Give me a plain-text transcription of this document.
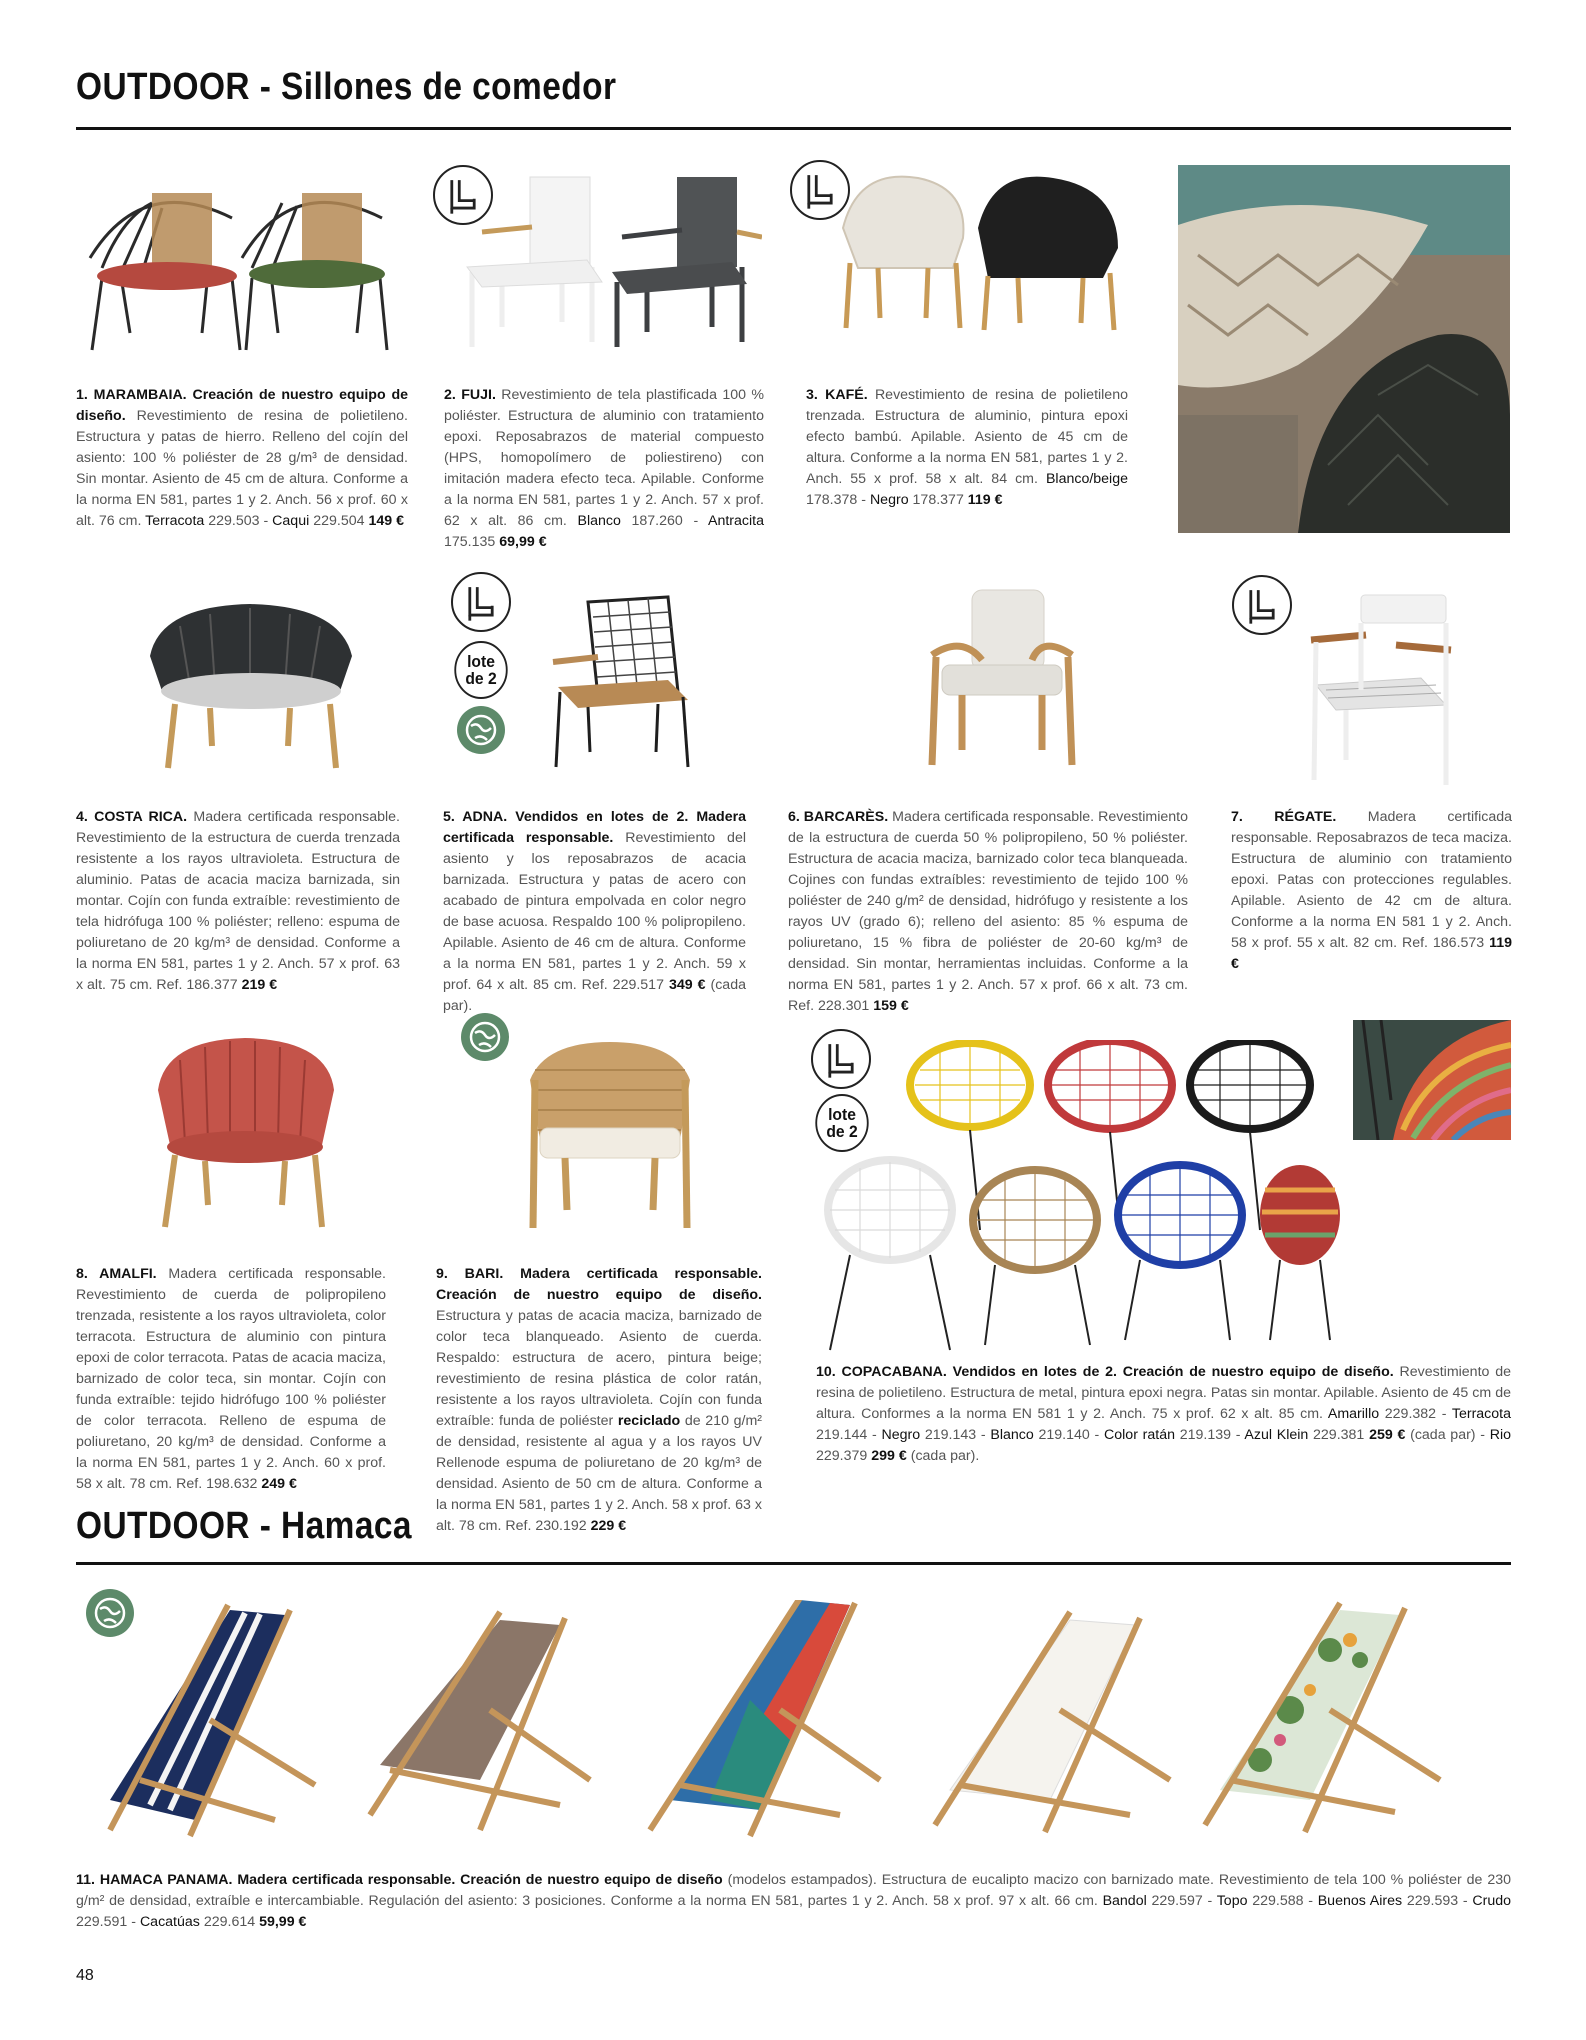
OUTDOOR - Sillones de comedor
1. MARAMBAIA. Creación de nuestro equipo de diseño. Revestimiento de resina de polietileno. Estructura y patas de hierro. Relleno del cojín del asiento: 100 % poliéster de 28 g/m³ de densidad. Sin montar. Asiento de 45 cm de altura. Conforme a la norma EN 581, partes 1 y 2. Anch. 56 x prof. 60 x alt. 76 cm. Terracota 229.503 - Caqui 229.504 149 €
2. FUJI. Revestimiento de tela plastificada 100 % poliéster. Estructura de aluminio con tratamiento epoxi. Reposabrazos de material compuesto (HPS, homopolímero de poliestireno) con imitación madera efecto teca. Apilable. Conforme a la norma EN 581, partes 1 y 2. Anch. 57 x prof. 62 x alt. 86 cm. Blanco 187.260 - Antracita 175.135 69,99 €
3. KAFÉ. Revestimiento de resina de polietileno trenzada. Estructura de aluminio, pintura epoxi efecto bambú. Apilable. Asiento de 45 cm de altura. Conforme a la norma EN 581, partes 1 y 2. Anch. 55 x prof. 58 x alt. 84 cm. Blanco/beige 178.378 - Negro 178.377 119 €
lote de 2
4. COSTA RICA. Madera certificada responsable. Revestimiento de la estructura de cuerda trenzada resistente a los rayos ultravioleta. Estructura de aluminio. Patas de acacia maciza barnizada, sin montar. Cojín con funda extraíble: revestimiento de tela hidrófuga 100 % poliéster; relleno: espuma de poliuretano de 20 kg/m³ de densidad. Conforme a la norma EN 581, partes 1 y 2. Anch. 57 x prof. 63 x alt. 75 cm. Ref. 186.377 219 €
5. ADNA. Vendidos en lotes de 2. Madera certificada responsable. Revestimiento del asiento y los reposabrazos de acacia barnizada. Estructura y patas de acero con acabado de pintura empolvada en color negro de base acuosa. Respaldo 100 % polipropileno. Apilable. Asiento de 46 cm de altura. Conforme a la norma EN 581, partes 1 y 2. Anch. 59 x prof. 64 x alt. 85 cm. Ref. 229.517 349 € (cada par).
6. BARCARÈS. Madera certificada responsable. Revestimiento de la estructura de cuerda 50 % polipropileno, 50 % poliéster. Estructura de acacia maciza, barnizado color teca blanqueada. Cojines con fundas extraíbles: revestimiento de tejido 100 % poliéster de 240 g/m² de densidad, hidrófugo y resistente a los rayos UV (grado 6); relleno del asiento: 85 % espuma de poliuretano, 15 % fibra de poliéster de 20-60 kg/m³ de densidad. Sin montar, herramientas incluidas. Conforme a la norma EN 581, partes 1 y 2. Anch. 57 x prof. 66 x alt. 73 cm. Ref. 228.301 159 €
7. RÉGATE. Madera certificada responsable. Reposabrazos de teca maciza. Estructura de aluminio con tratamiento epoxi. Patas con protecciones regulables. Apilable. Asiento de 42 cm de altura. Conforme a la norma EN 581 1 y 2. Anch. 58 x prof. 55 x alt. 82 cm. Ref. 186.573 119 €
lote de 2
8. AMALFI. Madera certificada responsable. Revestimiento de cuerda de polipropileno trenzada, resistente a los rayos ultravioleta, color terracota. Estructura de aluminio con pintura epoxi de color terracota. Patas de acacia maciza, barnizado de color teca, sin montar. Cojín con funda extraíble: tejido hidrófugo 100 % poliéster de color terracota. Relleno de espuma de poliuretano, 20 kg/m³ de densidad. Conforme a la norma EN 581, partes 1 y 2. Anch. 60 x prof. 58 x alt. 78 cm. Ref. 198.632 249 €
9. BARI. Madera certificada responsable. Creación de nuestro equipo de diseño. Estructura y patas de acacia maciza, barnizado de color teca blanqueado. Asiento de cuerda. Respaldo: estructura de acero, pintura beige; revestimiento de resina plástica de color ratán, resistente a los rayos ultravioleta. Cojín con funda extraíble: funda de poliéster reciclado de 210 g/m² de densidad, resistente al agua y a los rayos UV Rellenode espuma de poliuretano de 20 kg/m³ de densidad. Asiento de 50 cm de altura. Conforme a la norma EN 581, partes 1 y 2. Anch. 58 x prof. 63 x alt. 78 cm. Ref. 230.192 229 €
10. COPACABANA. Vendidos en lotes de 2. Creación de nuestro equipo de diseño. Revestimiento de resina de polietileno. Estructura de metal, pintura epoxi negra. Patas sin montar. Apilable. Asiento de 45 cm de altura. Conformes a la norma EN 581 1 y 2. Anch. 75 x prof. 62 x alt. 85 cm. Amarillo 229.382 - Terracota 219.144 - Negro 219.143 - Blanco 219.140 - Color ratán 219.139 - Azul Klein 229.381 259 € (cada par) - Rio 229.379 299 € (cada par).
OUTDOOR - Hamaca
11. HAMACA PANAMA. Madera certificada responsable. Creación de nuestro equipo de diseño (modelos estampados). Estructura de eucalipto macizo con barnizado mate. Revestimiento de tela 100 % poliéster de 230 g/m² de densidad, extraíble e intercambiable. Regulación del asiento: 3 posiciones. Conforme a la norma EN 581, partes 1 y 2. Anch. 58 x prof. 97 x alt. 66 cm. Bandol 229.597 - Topo 229.588 - Buenos Aires 229.593 - Crudo 229.591 - Cacatúas 229.614 59,99 €
48
